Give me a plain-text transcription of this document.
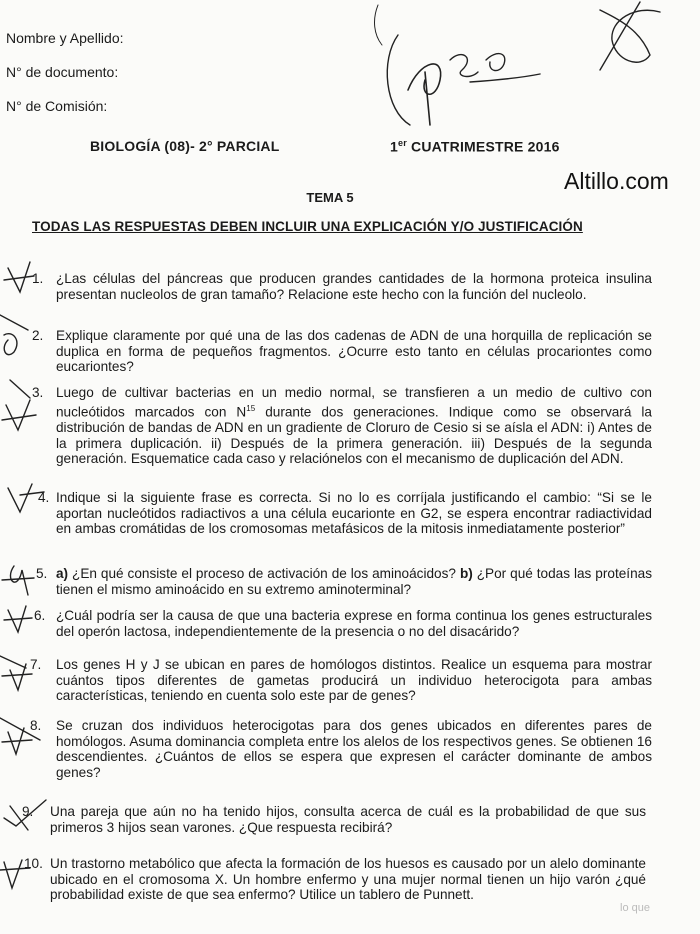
Nombre y Apellido:
N° de documento:
N° de Comisión:
BIOLOGÍA (08)- 2° PARCIAL	1er CUATRIMESTRE 2016
Altillo.com
TEMA 5
TODAS LAS RESPUESTAS DEBEN INCLUIR UNA EXPLICACIÓN Y/O JUSTIFICACIÓN
1. ¿Las células del páncreas que producen grandes cantidades de la hormona proteica insulina presentan nucleolos de gran tamaño? Relacione este hecho con la función del nucleolo.
2. Explique claramente por qué una de las dos cadenas de ADN de una horquilla de replicación se duplica en forma de pequeños fragmentos. ¿Ocurre esto tanto en células procariontes como eucariontes?
3. Luego de cultivar bacterias en un medio normal, se transfieren a un medio de cultivo con nucleótidos marcados con $N^{15}$ durante dos generaciones. Indique como se observará la distribución de bandas de ADN en un gradiente de Cloruro de Cesio si se aísla el ADN: i) Antes de la primera duplicación. ii) Después de la primera generación. iii) Después de la segunda generación. Esquematice cada caso y relaciónelos con el mecanismo de duplicación del ADN.
4. Indique si la siguiente frase es correcta. Si no lo es corríjala justificando el cambio: “Si se le aportan nucleótidos radiactivos a una célula eucarionte en G2, se espera encontrar radiactividad en ambas cromátidas de los cromosomas metafásicos de la mitosis inmediatamente posterior”
5. a) ¿En qué consiste el proceso de activación de los aminoácidos? b) ¿Por qué todas las proteínas tienen el mismo aminoácido en su extremo aminoterminal?
6. ¿Cuál podría ser la causa de que una bacteria exprese en forma continua los genes estructurales del operón lactosa, independientemente de la presencia o no del disacárido?
7. Los genes H y J se ubican en pares de homólogos distintos. Realice un esquema para mostrar cuántos tipos diferentes de gametas producirá un individuo heterocigota para ambas características, teniendo en cuenta solo este par de genes?
8. Se cruzan dos individuos heterocigotas para dos genes ubicados en diferentes pares de homólogos. Asuma dominancia completa entre los alelos de los respectivos genes. Se obtienen 16 descendientes. ¿Cuántos de ellos se espera que expresen el carácter dominante de ambos genes?
9. Una pareja que aún no ha tenido hijos, consulta acerca de cuál es la probabilidad de que sus primeros 3 hijos sean varones. ¿Que respuesta recibirá?
10. Un trastorno metabólico que afecta la formación de los huesos es causado por un alelo dominante ubicado en el cromosoma X. Un hombre enfermo y una mujer normal tienen un hijo varón ¿qué probabilidad existe de que sea enfermo? Utilice un tablero de Punnett.
lo que
